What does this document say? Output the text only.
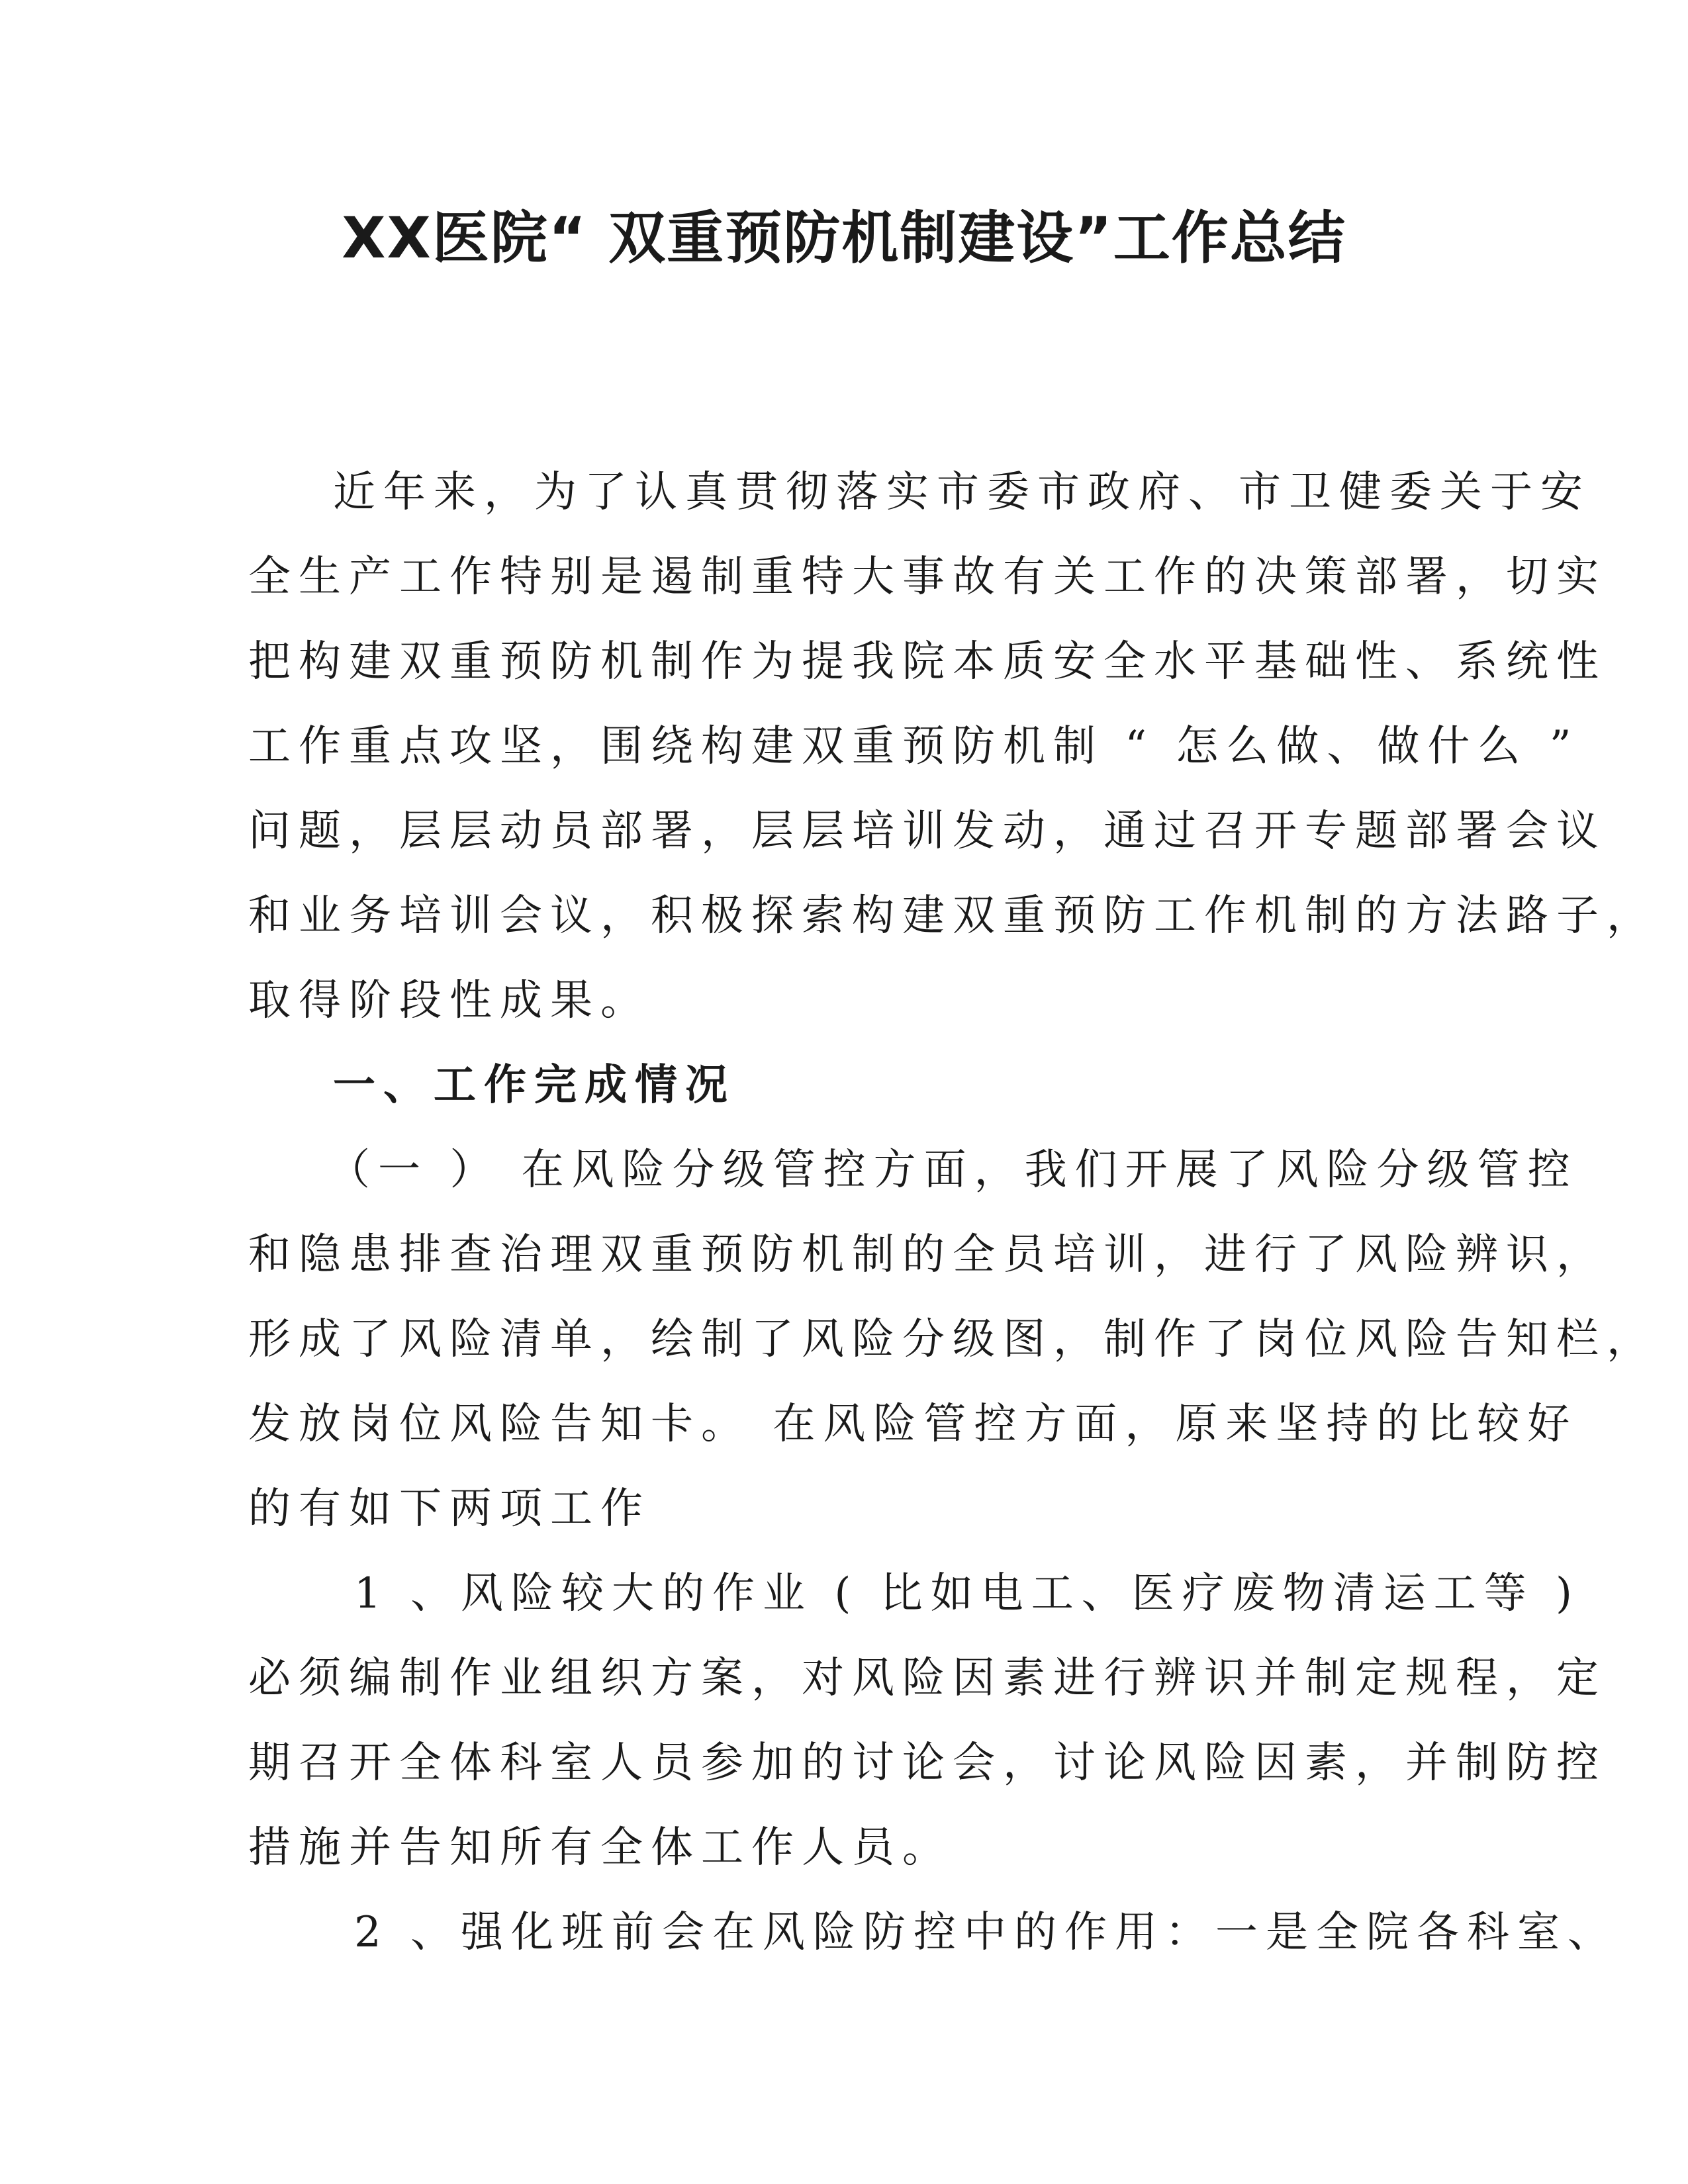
XX医院“ 双重预防机制建设”工作总结
近年来，为了认真贯彻落实市委市政府、市卫健委关于安
全生产工作特别是遏制重特大事故有关工作的决策部署，切实
把构建双重预防机制作为提我院本质安全水平基础性、系统性
工作重点攻坚，围绕构建双重预防机制 “ 怎么做、做什么 ”
问题，层层动员部署，层层培训发动，通过召开专题部署会议
和业务培训会议，积极探索构建双重预防工作机制的方法路子，
取得阶段性成果。
一、工作完成情况
（一 ） 在风险分级管控方面，我们开展了风险分级管控
和隐患排查治理双重预防机制的全员培训，进行了风险辨识，
形成了风险清单，绘制了风险分级图，制作了岗位风险告知栏，
发放岗位风险告知卡。 在风险管控方面，原来坚持的比较好
的有如下两项工作
1 、风险较大的作业 ( 比如电工、医疗废物清运工等 )
必须编制作业组织方案，对风险因素进行辨识并制定规程，定
期召开全体科室人员参加的讨论会，讨论风险因素，并制防控
措施并告知所有全体工作人员。
2 、强化班前会在风险防控中的作用：一是全院各科室、
